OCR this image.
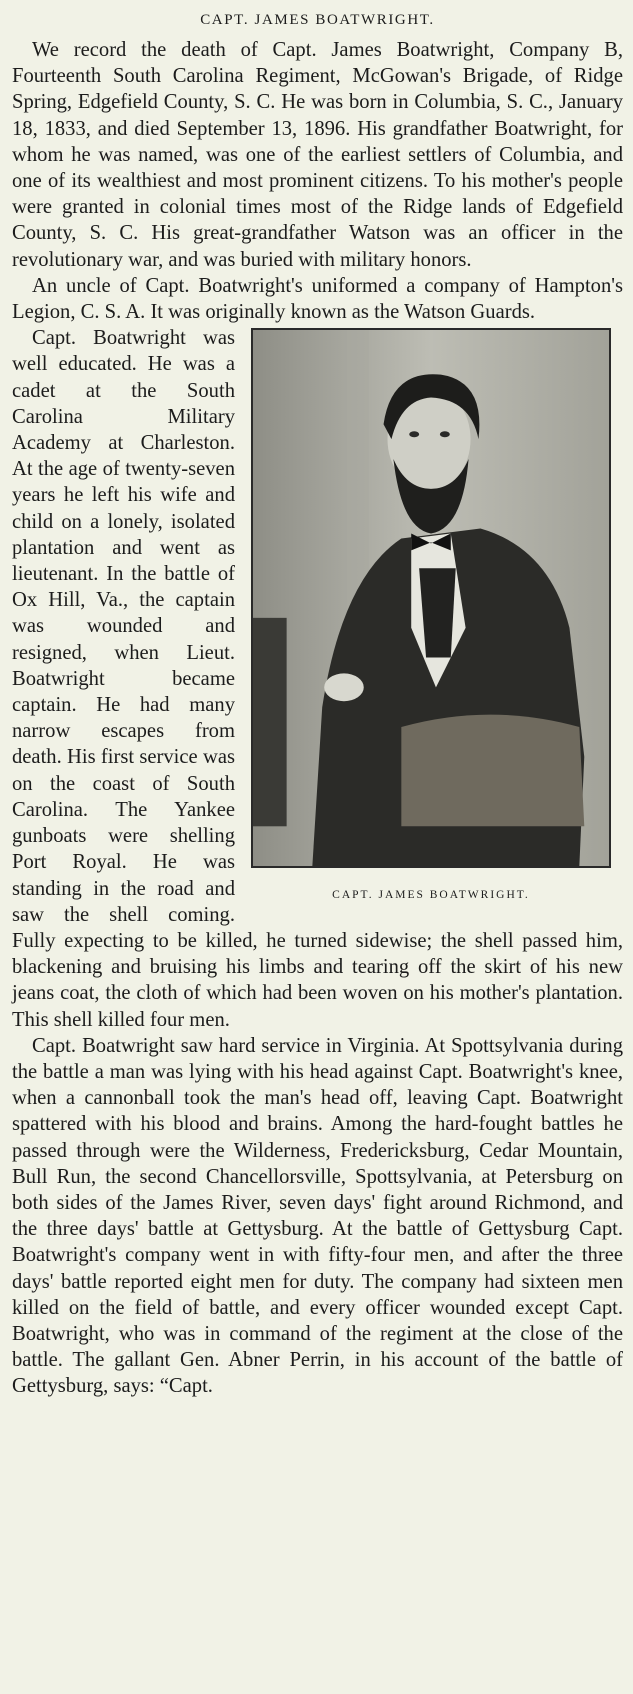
CAPT. JAMES BOATWRIGHT.

We record the death of Capt. James Boatwright, Company B, Fourteenth South Carolina Regiment, McGowan's Brigade, of Ridge Spring, Edgefield County, S. C. He was born in Columbia, S. C., January 18, 1833, and died September 13, 1896. His grandfather Boatwright, for whom he was named, was one of the earliest settlers of Columbia, and one of its wealthiest and most prominent citizens. To his mother's people were granted in colonial times most of the Ridge lands of Edgefield County, S. C. His great-grandfather Watson was an officer in the revolutionary war, and was buried with military honors.

An uncle of Capt. Boatwright's uniformed a company of Hampton's Legion, C. S. A. It was originally known as the Watson Guards.

CAPT. JAMES BOATWRIGHT.

Capt. Boatwright was well educated. He was a cadet at the South Carolina Military Academy at Charleston. At the age of twenty-seven years he left his wife and child on a lonely, isolated plantation and went as lieutenant. In the battle of Ox Hill, Va., the captain was wounded and resigned, when Lieut. Boatwright became captain. He had many narrow escapes from death. His first service was on the coast of South Carolina. The Yankee gunboats were shelling Port Royal. He was standing in the road and saw the shell coming. Fully expecting to be killed, he turned sidewise; the shell passed him, blackening and bruising his limbs and tearing off the skirt of his new jeans coat, the cloth of which had been woven on his mother's plantation. This shell killed four men.

Capt. Boatwright saw hard service in Virginia. At Spottsylvania during the battle a man was lying with his head against Capt. Boatwright's knee, when a cannonball took the man's head off, leaving Capt. Boatwright spattered with his blood and brains. Among the hard-fought battles he passed through were the Wilderness, Fredericksburg, Cedar Mountain, Bull Run, the second Chancellorsville, Spottsylvania, at Petersburg on both sides of the James River, seven days' fight around Richmond, and the three days' battle at Gettysburg. At the battle of Gettysburg Capt. Boatwright's company went in with fifty-four men, and after the three days' battle reported eight men for duty. The company had sixteen men killed on the field of battle, and every officer wounded except Capt. Boatwright, who was in command of the regiment at the close of the battle. The gallant Gen. Abner Perrin, in his account of the battle of Gettysburg, says: “Capt.
